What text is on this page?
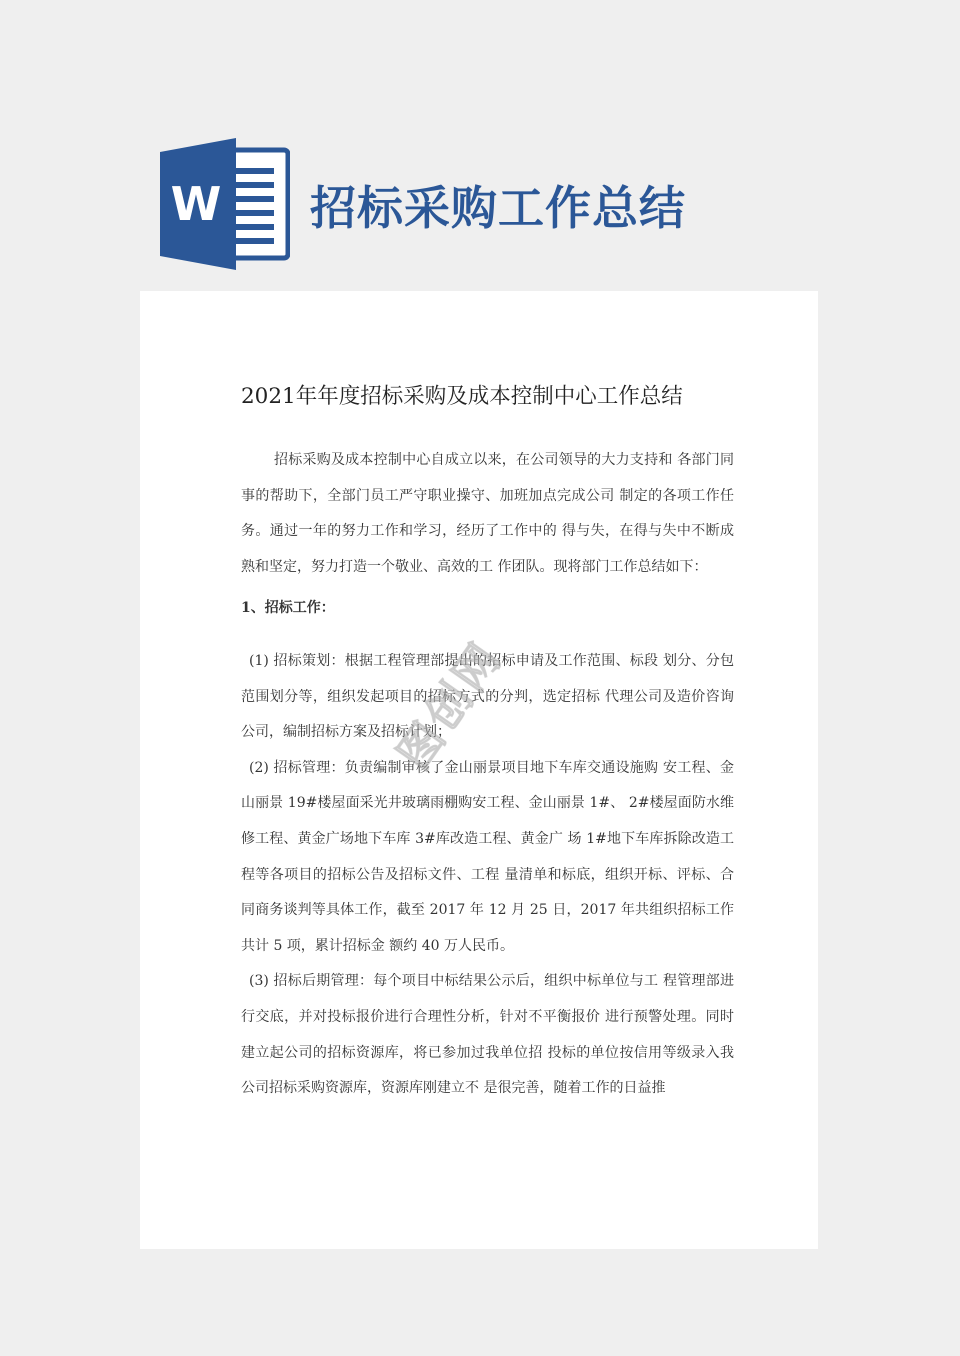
W 招标采购工作总结
2021年年度招标采购及成本控制中心工作总结

招标采购及成本控制中心自成立以来，在公司领导的大力支持和 各部门同事的帮助下，全部门员工严守职业操守、加班加点完成公司 制定的各项工作任务。通过一年的努力工作和学习，经历了工作中的 得与失，在得与失中不断成熟和坚定，努力打造一个敬业、高效的工 作团队。现将部门工作总结如下：

1、招标工作：

(1) 招标策划：根据工程管理部提出的招标申请及工作范围、标段 划分、分包范围划分等，组织发起项目的招标方式的分判，选定招标 代理公司及造价咨询公司，编制招标方案及招标计划；

(2) 招标管理：负责编制审核了金山丽景项目地下车库交通设施购 安工程、金山丽景 19#楼屋面采光井玻璃雨棚购安工程、金山丽景 1#、 2#楼屋面防水维修工程、黄金广场地下车库 3#库改造工程、黄金广 场 1#地下车库拆除改造工程等各项目的招标公告及招标文件、工程 量清单和标底，组织开标、评标、合同商务谈判等具体工作，截至 2017 年 12 月 25 日，2017 年共组织招标工作共计 5 项，累计招标金 额约 40 万人民币。

(3) 招标后期管理：每个项目中标结果公示后，组织中标单位与工 程管理部进行交底，并对投标报价进行合理性分析，针对不平衡报价 进行预警处理。同时建立起公司的招标资源库，将已参加过我单位招 投标的单位按信用等级录入我公司招标采购资源库，资源库刚建立不 是很完善，随着工作的日益推

图创网
